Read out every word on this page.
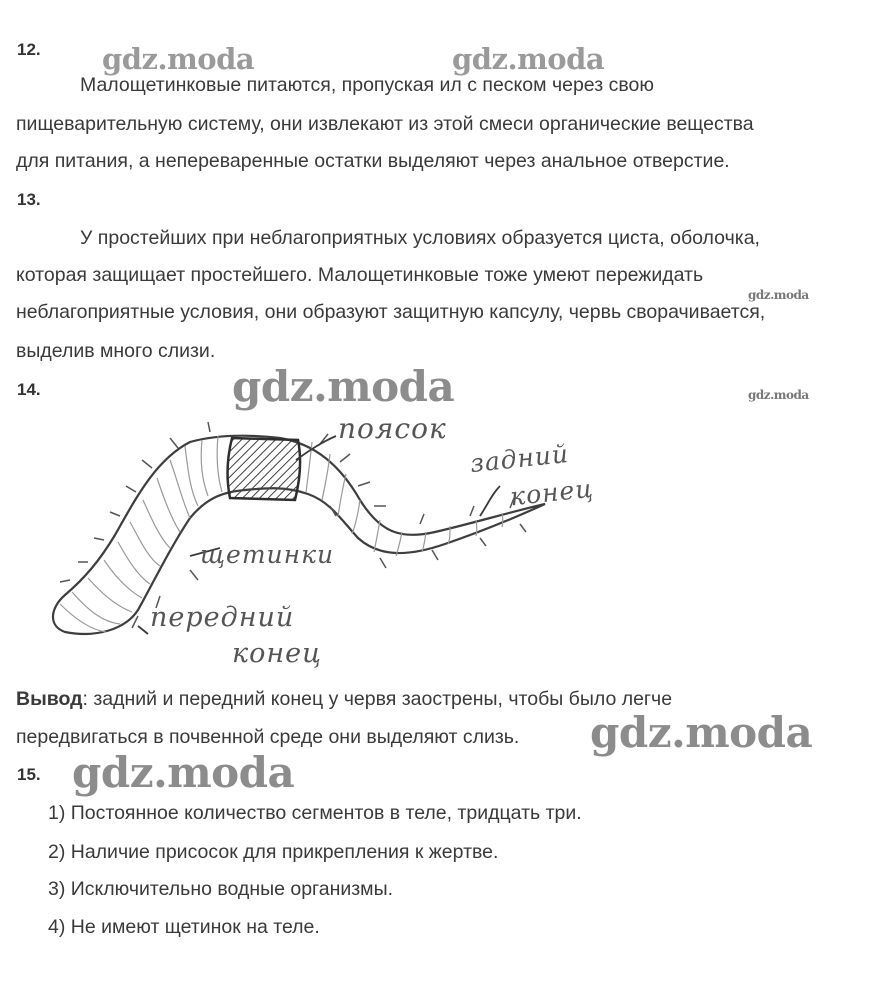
12. gdz.moda	gdz.moda
Малощетинковые питаются, пропуская ил с песком через свою
пищеварительную систему, они извлекают из этой смеси органические вещества
для питания, а непереваренные остатки выделяют через анальное отверстие.
13.
У простейших при неблагоприятных условиях образуется циста, оболочка,
которая защищает простейшего. Малощетинковые тоже умеют пережидать
gdz.moda
неблагоприятные условия, они образуют защитную капсулу, червь сворачивается,
выделив много слизи.
14.	gdz.moda	gdz.moda
поясок
задний
конец
щетинки
передний
конец
Вывод: задний и передний конец у червя заострены, чтобы было легче
передвигаться в почвенной среде они выделяют слизь. gdz.moda
15. gdz.moda
1) Постоянное количество сегментов в теле, тридцать три.
2) Наличие присосок для прикрепления к жертве.
3) Исключительно водные организмы.
4) Не имеют щетинок на теле.
